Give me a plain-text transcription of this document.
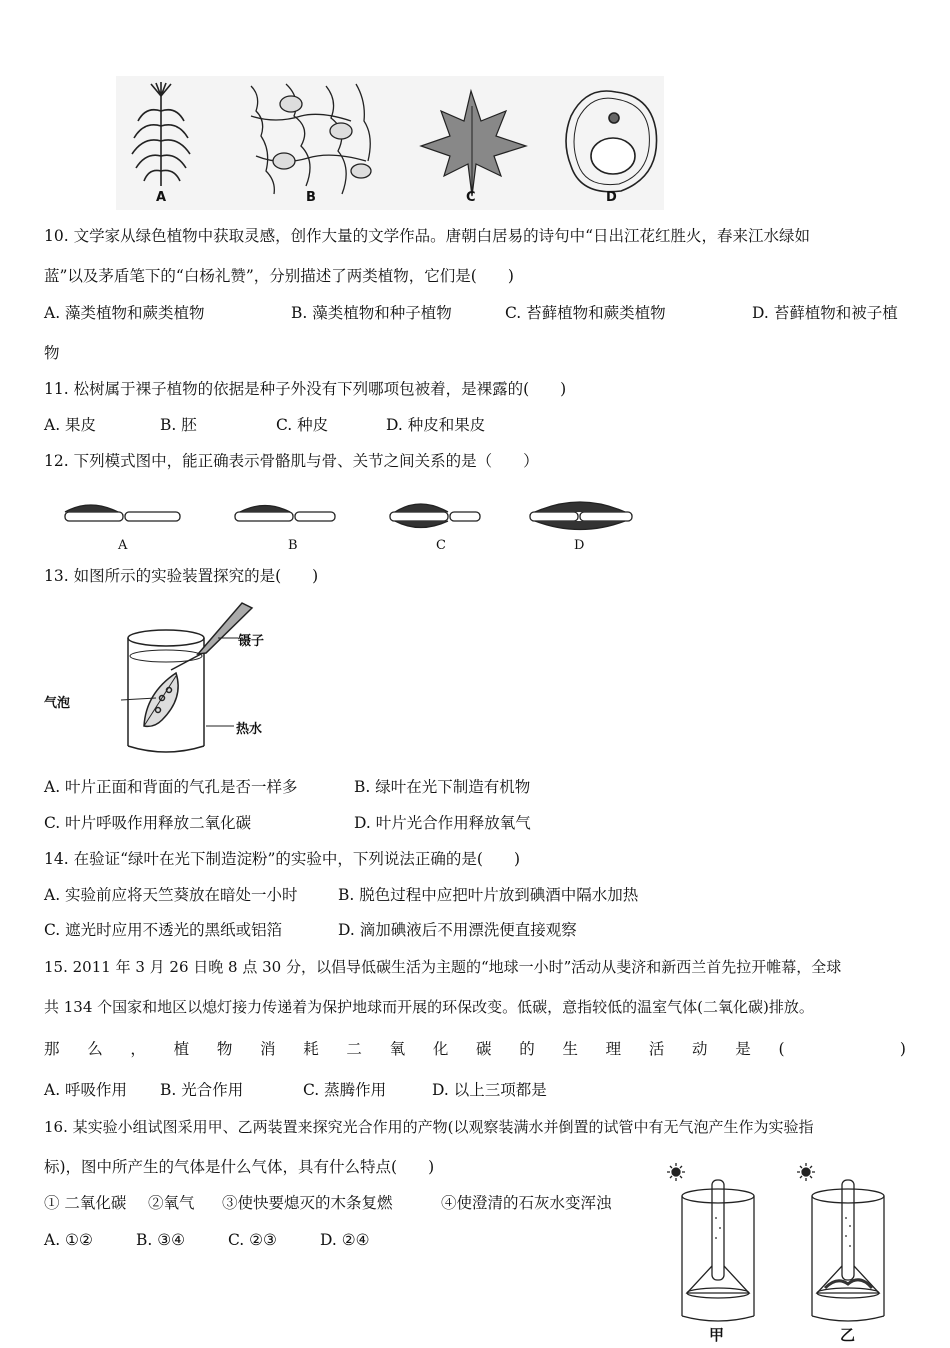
A	B	C	D
10. 文学家从绿色植物中获取灵感，创作大量的文学作品。唐朝白居易的诗句中“日出江花红胜火，春来江水绿如
蓝”以及茅盾笔下的“白杨礼赞”，分别描述了两类植物，它们是(　　)
A. 藻类植物和蕨类植物	B. 藻类植物和种子植物	C. 苔藓植物和蕨类植物	D. 苔藓植物和被子植
物
11. 松树属于裸子植物的依据是种子外没有下列哪项包被着，是裸露的(　　)
A. 果皮	B. 胚	C. 种皮	D. 种皮和果皮
12. 下列模式图中，能正确表示骨骼肌与骨、关节之间关系的是（　　）
A	B	C	D
13. 如图所示的实验装置探究的是(　　)
镊子
气泡
热水
A. 叶片正面和背面的气孔是否一样多	B. 绿叶在光下制造有机物
C. 叶片呼吸作用释放二氧化碳	D. 叶片光合作用释放氧气
14. 在验证“绿叶在光下制造淀粉”的实验中，下列说法正确的是(　　)
A. 实验前应将天竺葵放在暗处一小时	B. 脱色过程中应把叶片放到碘酒中隔水加热
C. 遮光时应用不透光的黑纸或铝箔	D. 滴加碘液后不用漂洗便直接观察
15. 2011 年 3 月 26 日晚 8 点 30 分，以倡导低碳生活为主题的“地球一小时”活动从斐济和新西兰首先拉开帷幕，全球
共 134 个国家和地区以熄灯接力传递着为保护地球而开展的环保改变。低碳，意指较低的温室气体(二氧化碳)排放。
那 么 ， 植 物 消 耗 二 氧 化 碳 的 生 理 活 动 是 (	)
A. 呼吸作用 B. 光合作用	C. 蒸腾作用	D. 以上三项都是
16. 某实验小组试图采用甲、乙两装置来探究光合作用的产物(以观察装满水并倒置的试管中有无气泡产生作为实验指
标)，图中所产生的气体是什么气体，具有什么特点(　　)
① 二氧化碳 ②氧气 ③使快要熄灭的木条复燃	④使澄清的石灰水变浑浊
A. ①②	B. ③④	C. ②③	D. ②④
甲	乙
